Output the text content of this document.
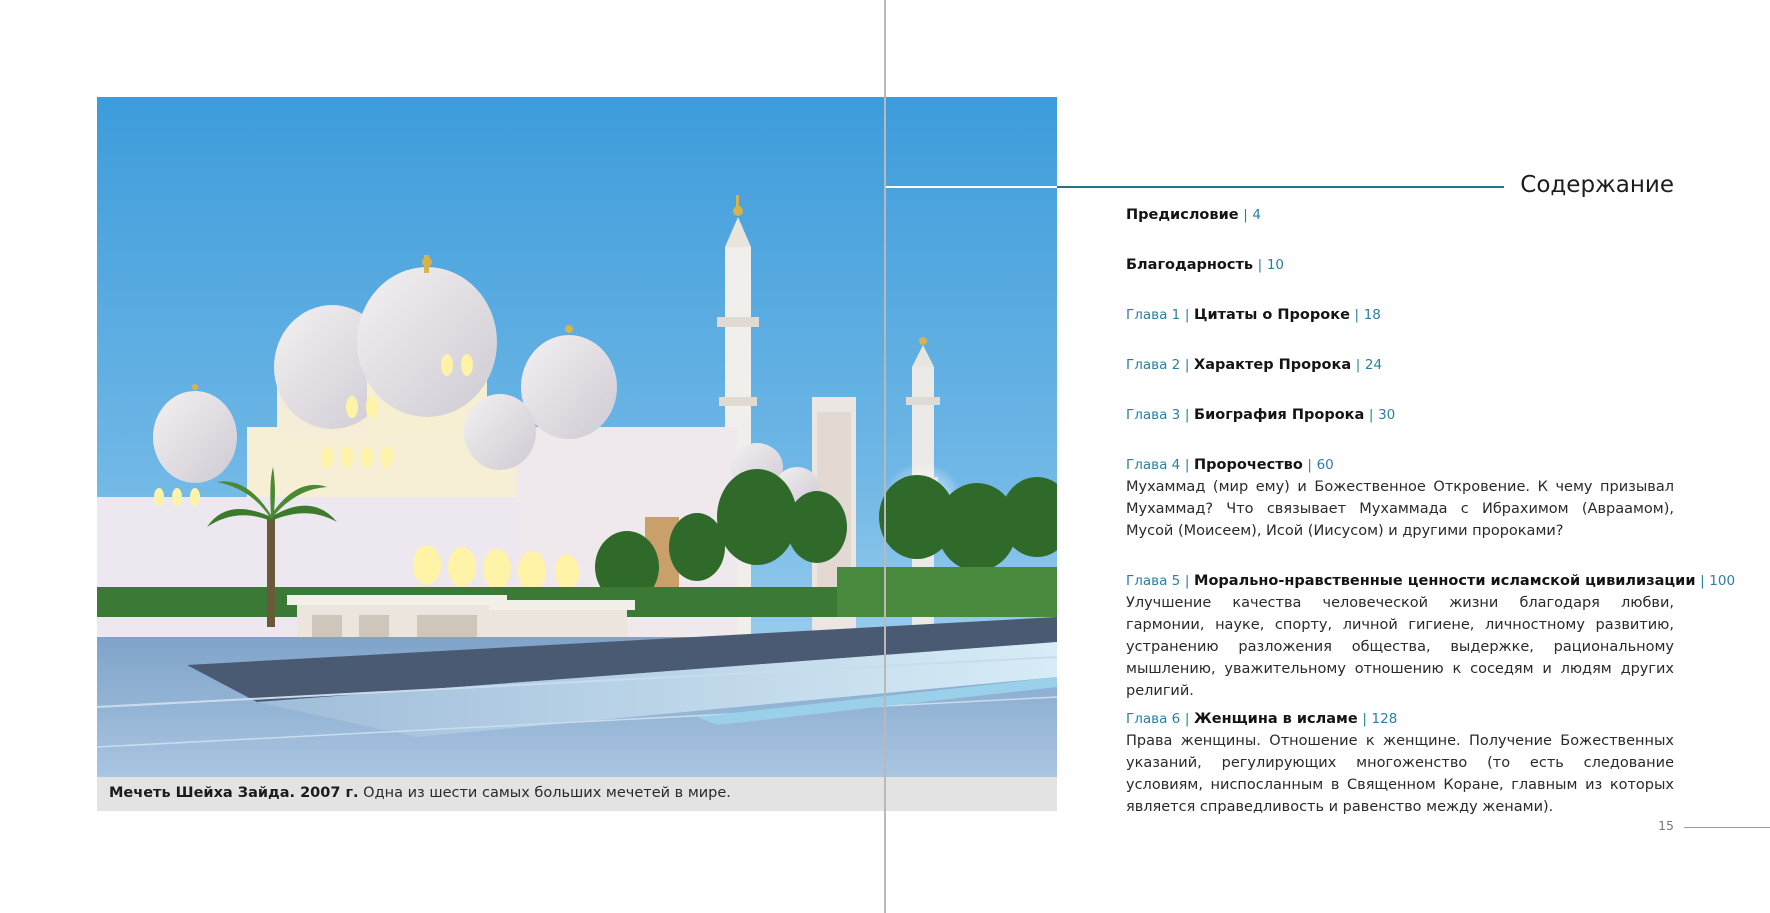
Мечеть Шейха Зайда. 2007 г. Одна из шести самых больших мечетей в мире.
Содержание
Предисловие | 4
Благодарность | 10
Глава 1 | Цитаты о Пророке | 18
Глава 2 | Характер Пророка | 24
Глава 3 | Биография Пророка | 30
Глава 4 | Пророчество | 60
Мухаммад (мир ему) и Божественное Откровение. К чему призывал Мухаммад? Что связывает Мухаммада с Ибрахимом (Авраамом), Мусой (Моисеем), Исой (Иисусом) и другими пророками?
Глава 5 | Морально-нравственные ценности исламской цивилизации | 100
Улучшение качества человеческой жизни благодаря любви, гармонии, науке, спорту, личной гигиене, личностному развитию, устранению разложения общества, выдержке, рациональному мышлению, уважительному отношению к соседям и людям других религий.
Глава 6 | Женщина в исламе | 128
Права женщины. Отношение к женщине. Получение Божественных указаний, регулирующих многоженство (то есть следование условиям, ниспосланным в Священном Коране, главным из которых является справедливость и равенство между женами).
15
